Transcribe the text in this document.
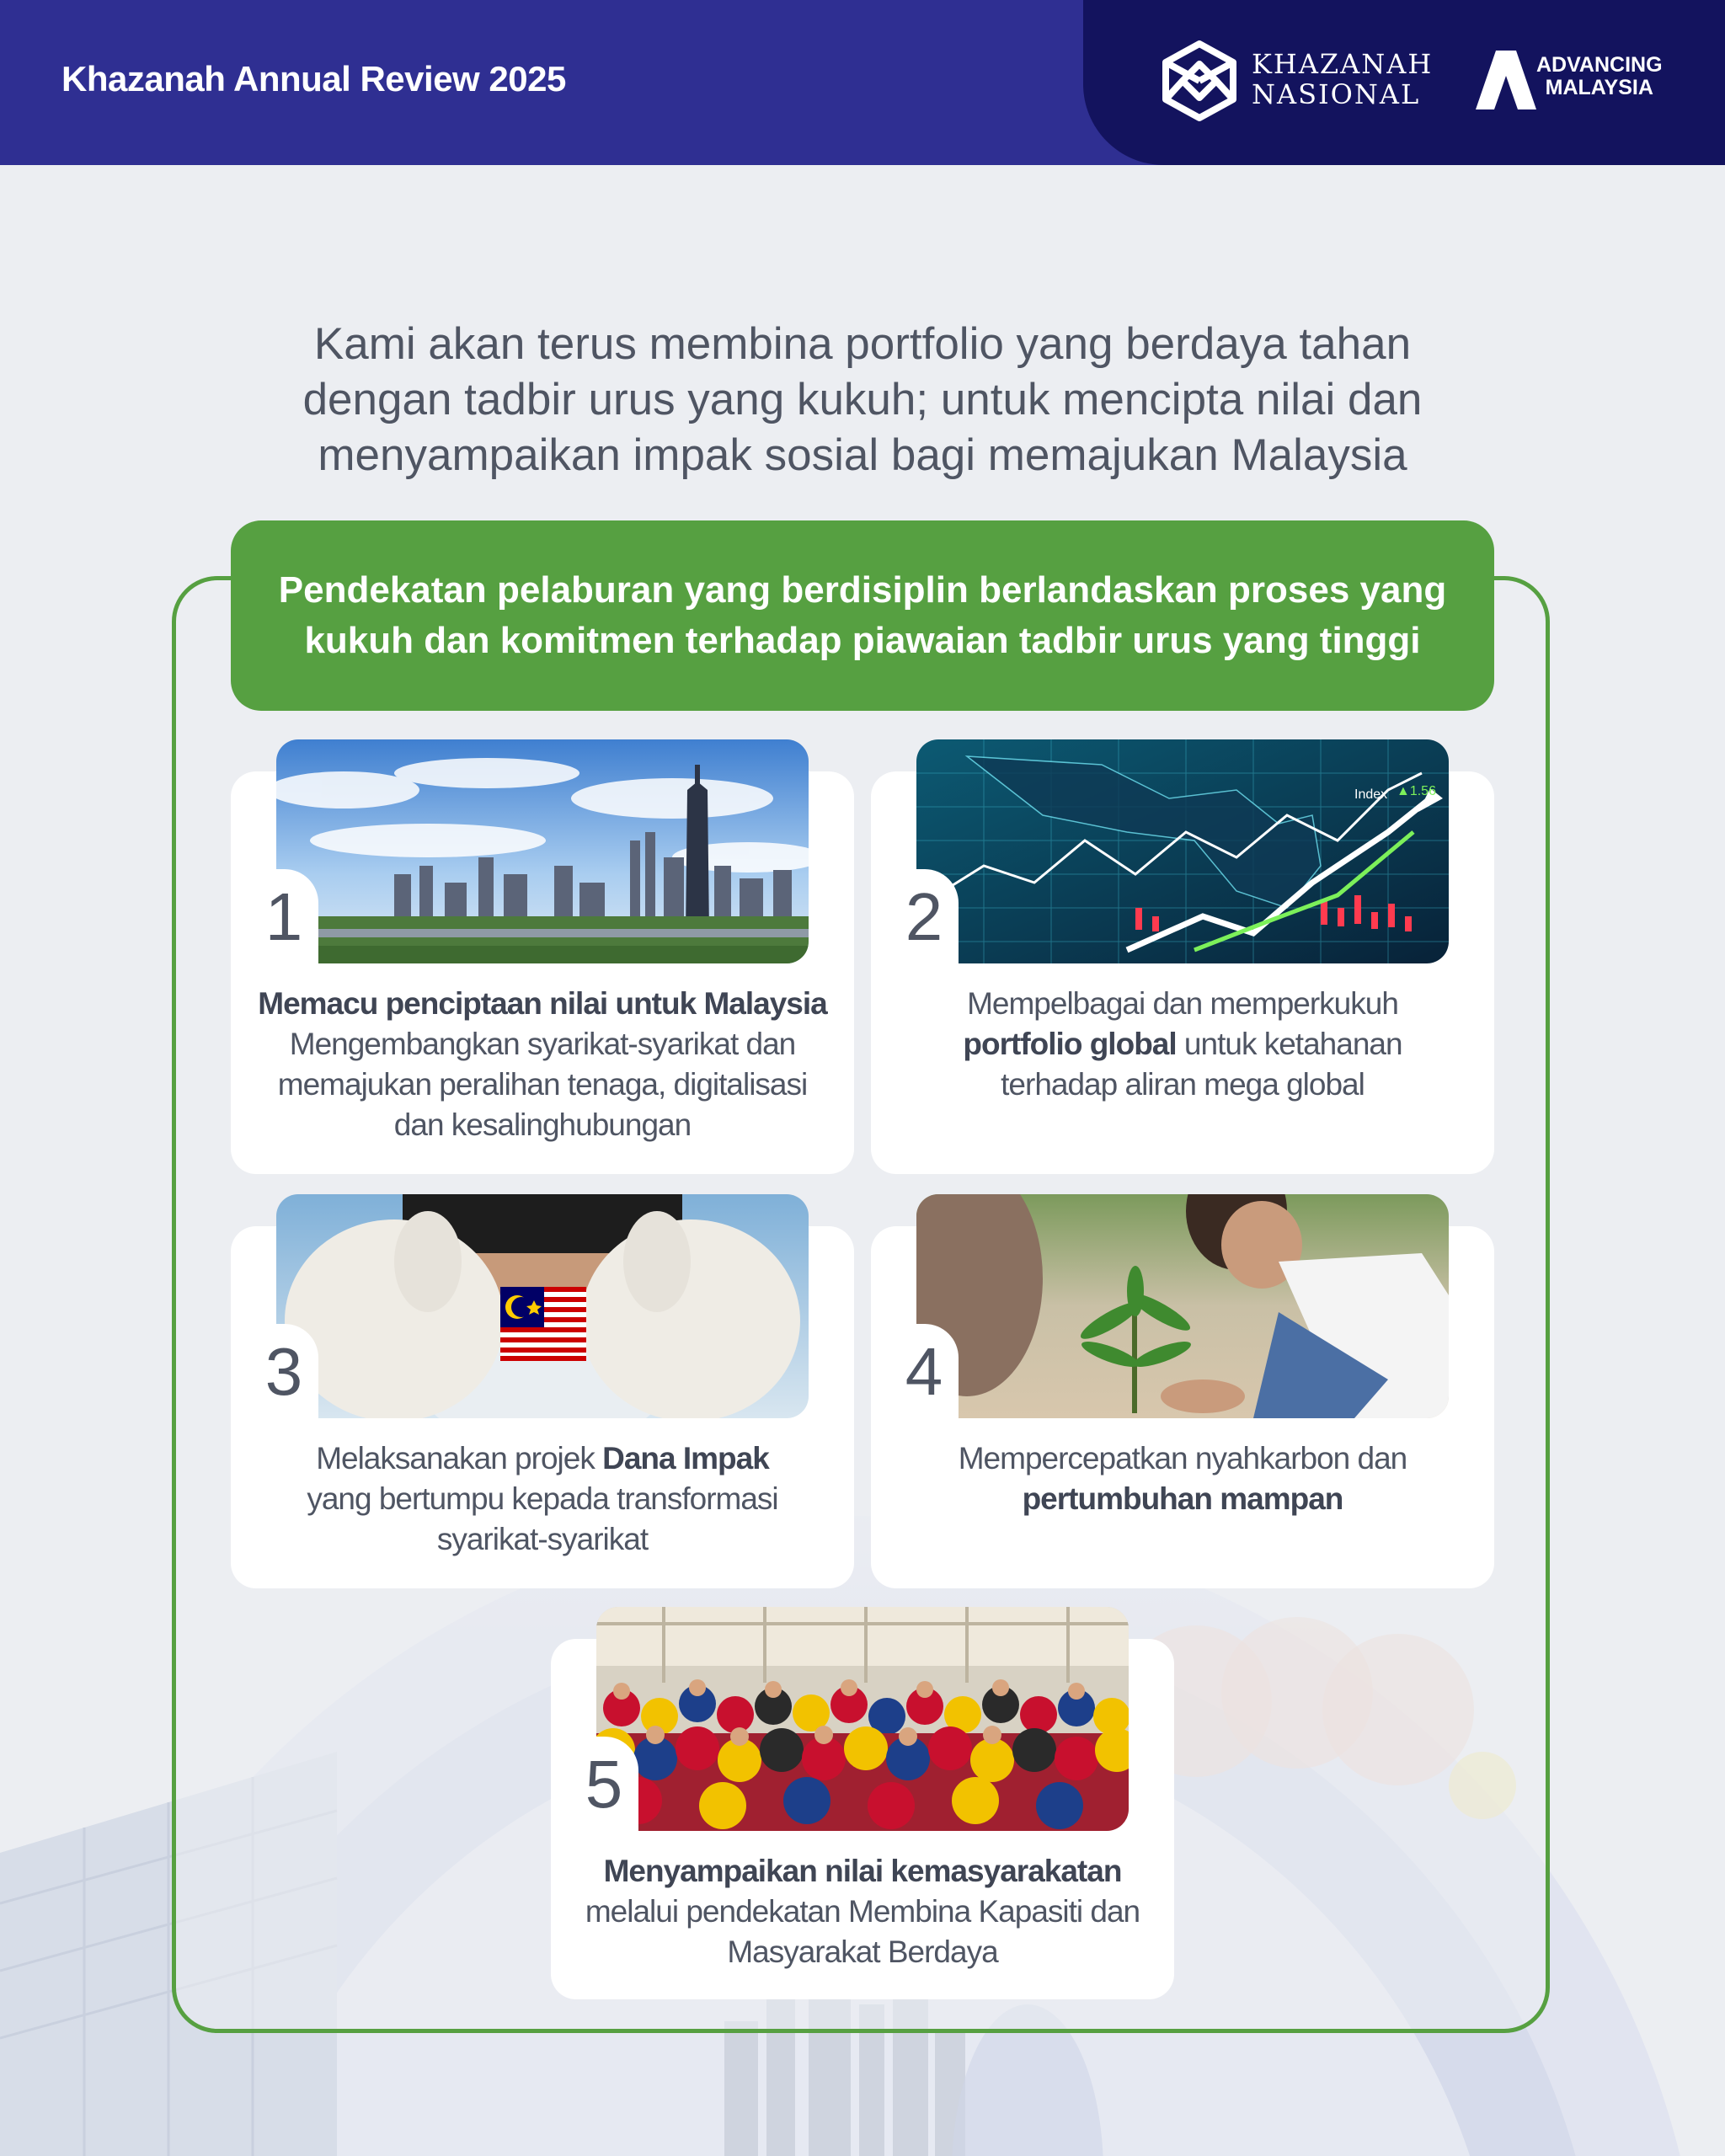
Khazanah Annual Review 2025	KHAZANAH
NASIONAL
ADVANCING
MALAYSIA
Kami akan terus membina portfolio yang berdaya tahan
dengan tadbir urus yang kukuh; untuk mencipta nilai dan
menyampaikan impak sosial bagi memajukan Malaysia
Pendekatan pelaburan yang berdisiplin berlandaskan proses yang
kukuh dan komitmen terhadap piawaian tadbir urus yang tinggi
1
Memacu penciptaan nilai untuk Malaysia
Mengembangkan syarikat-syarikat dan
memajukan peralihan tenaga, digitalisasi
dan kesalinghubungan
Index ▲1.56
2
Mempelbagai dan memperkukuh
portfolio global untuk ketahanan
terhadap aliran mega global
3
Melaksanakan projek Dana Impak
yang bertumpu kepada transformasi
syarikat-syarikat
4
Mempercepatkan nyahkarbon dan
pertumbuhan mampan
5
Menyampaikan nilai kemasyarakatan
melalui pendekatan Membina Kapasiti dan
Masyarakat Berdaya
